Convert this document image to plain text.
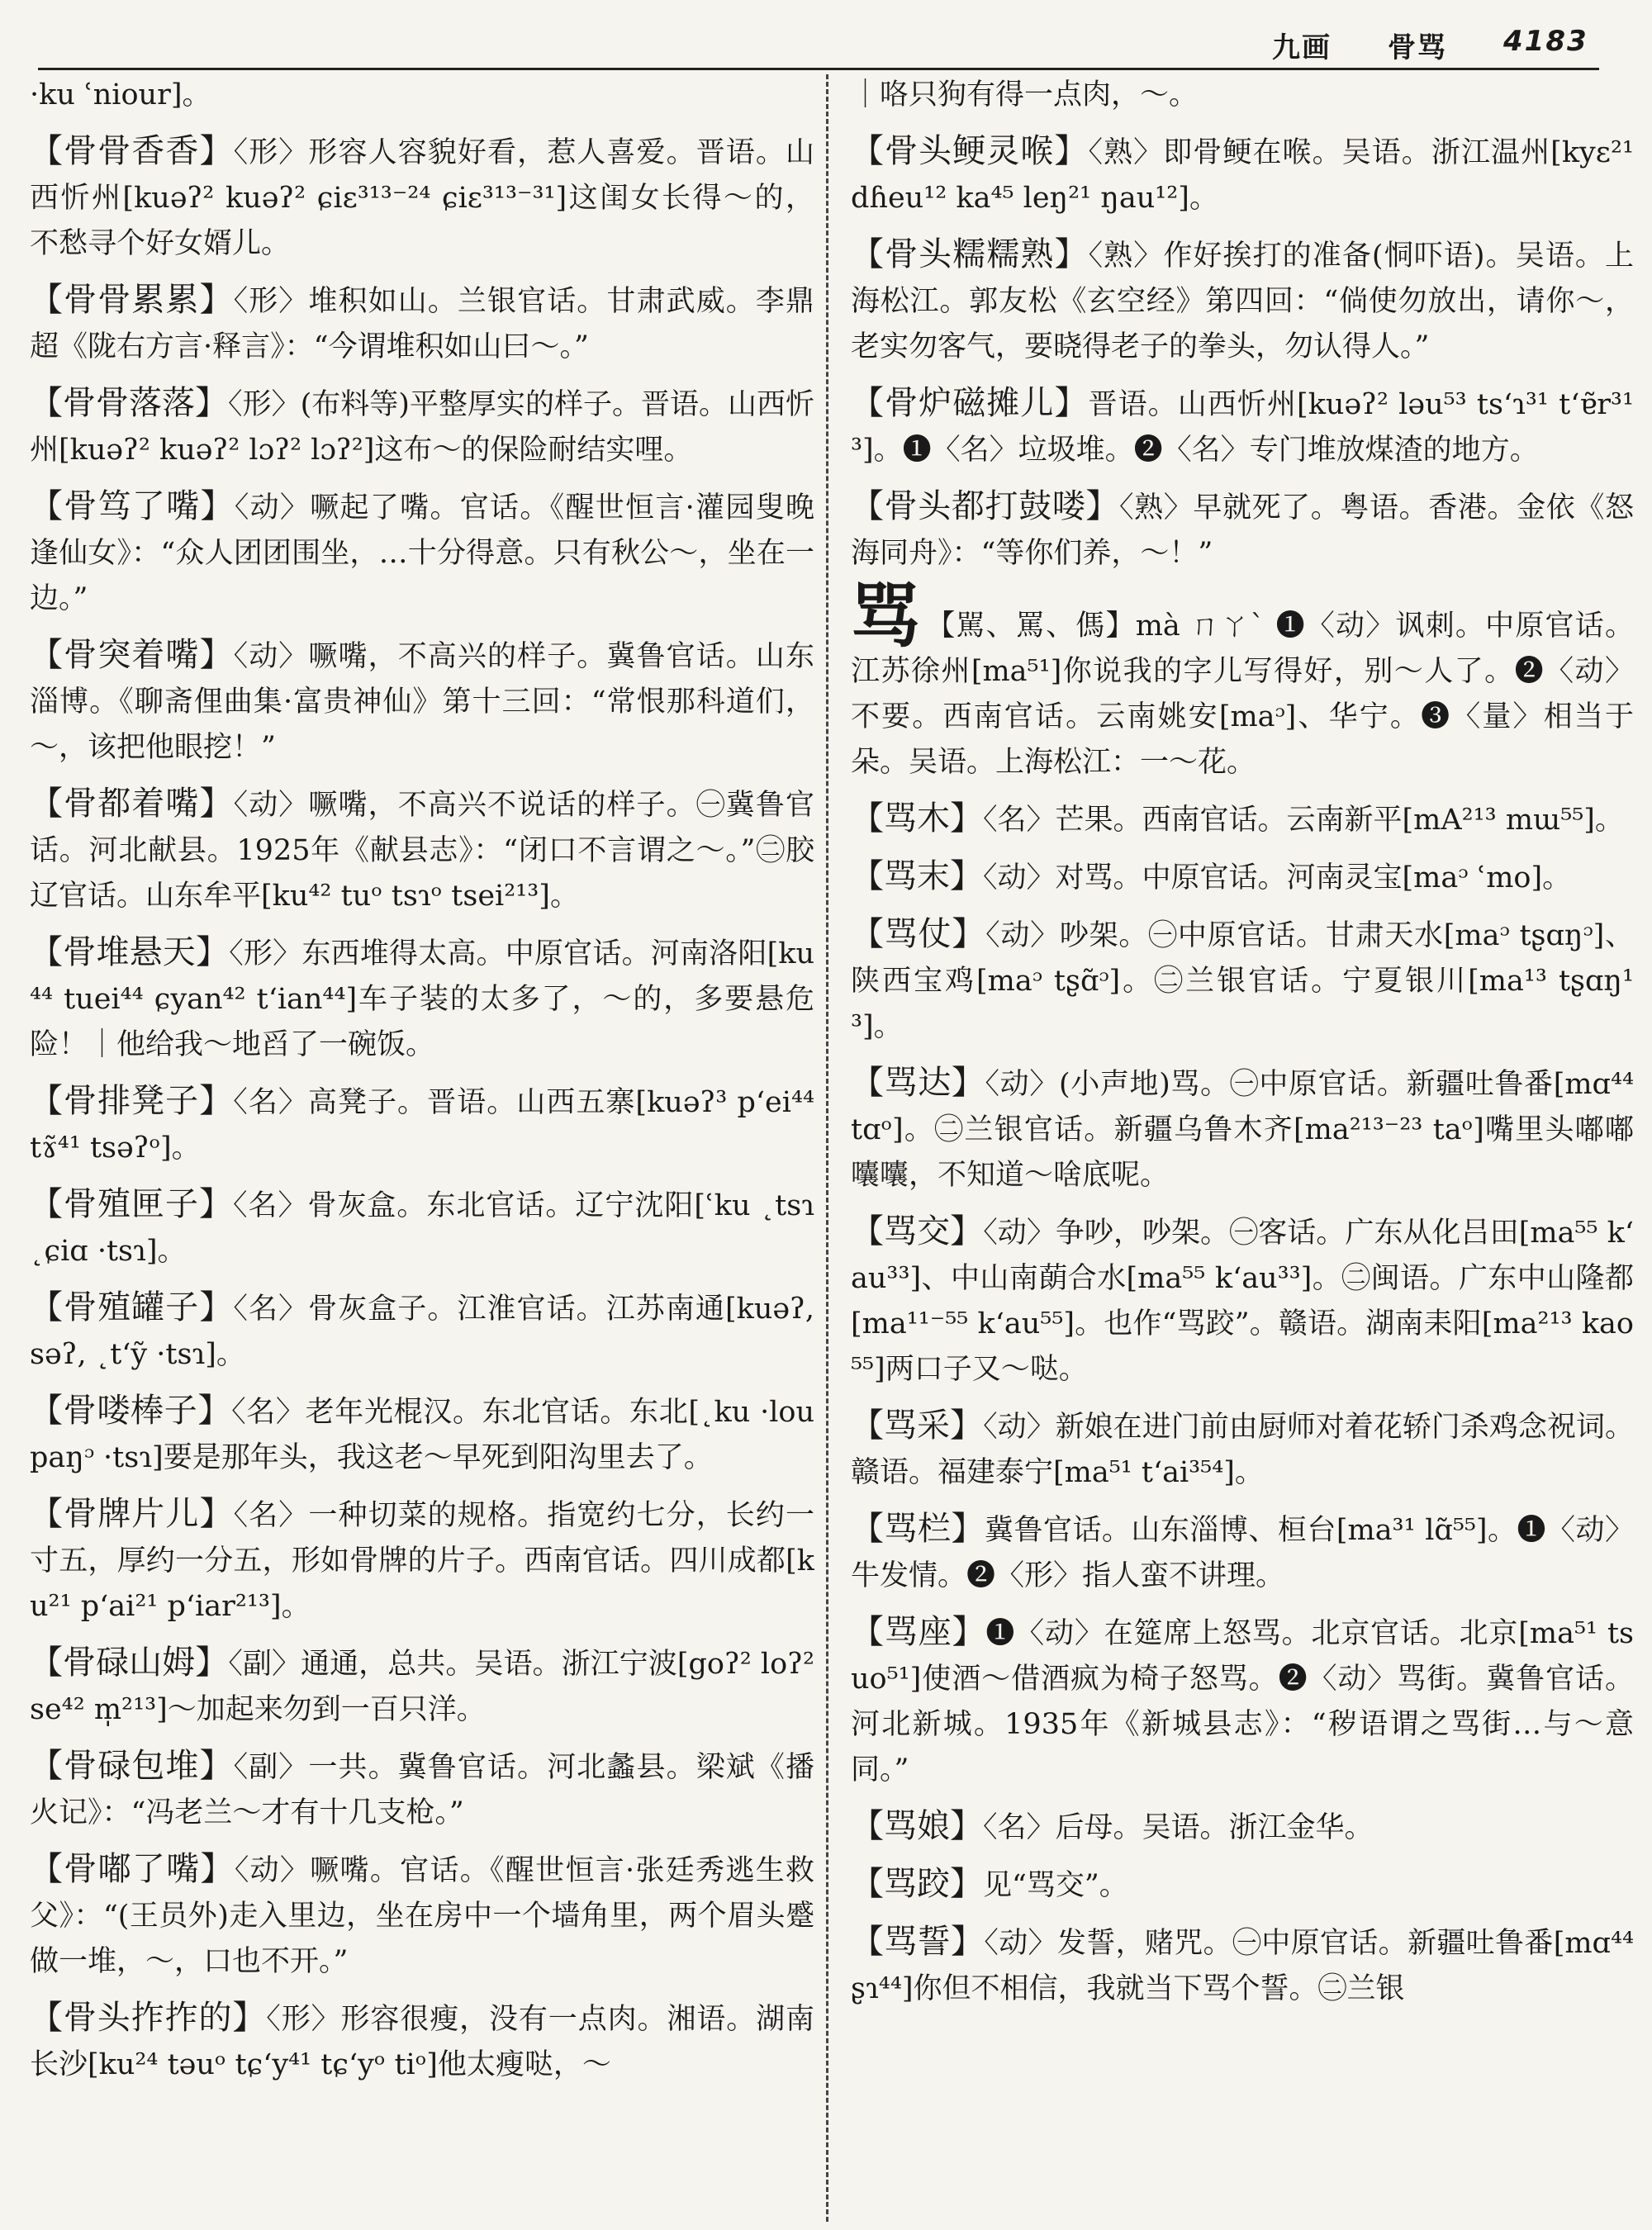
九画 骨骂 4183
·ku ʿniour]。
【骨骨香香】〈形〉形容人容貌好看，惹人喜爱。晋语。山西忻州[kuəʔ² kuəʔ² ɕiɛ³¹³⁻²⁴ ɕiɛ³¹³⁻³¹]这闺女长得～的，不愁寻个好女婿儿。
【骨骨累累】〈形〉堆积如山。兰银官话。甘肃武威。李鼎超《陇右方言·释言》：“今谓堆积如山曰～。”
【骨骨落落】〈形〉(布料等)平整厚实的样子。晋语。山西忻州[kuəʔ² kuəʔ² lɔʔ² lɔʔ²]这布～的保险耐结实哩。
【骨笃了嘴】〈动〉噘起了嘴。官话。《醒世恒言·灌园叟晚逢仙女》：“众人团团围坐，…十分得意。只有秋公～，坐在一边。”
【骨突着嘴】〈动〉噘嘴，不高兴的样子。冀鲁官话。山东淄博。《聊斋俚曲集·富贵神仙》第十三回：“常恨那科道们，～，该把他眼挖！”
【骨都着嘴】〈动〉噘嘴，不高兴不说话的样子。㊀冀鲁官话。河北献县。1925年《献县志》：“闭口不言谓之～。”㊁胶辽官话。山东牟平[ku⁴² tuᵒ tsɿᵒ tsei²¹³]。
【骨堆悬天】〈形〉东西堆得太高。中原官话。河南洛阳[ku⁴⁴ tuei⁴⁴ ɕyan⁴² tʻian⁴⁴]车子装的太多了，～的，多要悬危险！｜他给我～地舀了一碗饭。
【骨排凳子】〈名〉高凳子。晋语。山西五寨[kuəʔ³ pʻei⁴⁴ tɤ̃⁴¹ tsəʔᵒ]。
【骨殖匣子】〈名〉骨灰盒。东北官话。辽宁沈阳[ʿku ˛tsɿ ˛ɕiɑ ·tsɿ]。
【骨殖罐子】〈名〉骨灰盒子。江淮官话。江苏南通[kuəʔ, səʔ, ˛tʻỹ ·tsɿ]。
【骨喽棒子】〈名〉老年光棍汉。东北官话。东北[˛ku ·lou paŋᵓ ·tsɿ]要是那年头，我这老～早死到阳沟里去了。
【骨牌片儿】〈名〉一种切菜的规格。指宽约七分，长约一寸五，厚约一分五，形如骨牌的片子。西南官话。四川成都[ku²¹ pʻai²¹ pʻiar²¹³]。
【骨碌山姆】〈副〉通通，总共。吴语。浙江宁波[goʔ² loʔ² se⁴² m̩²¹³]～加起来勿到一百只洋。
【骨碌包堆】〈副〉一共。冀鲁官话。河北蠡县。梁斌《播火记》：“冯老兰～才有十几支枪。”
【骨嘟了嘴】〈动〉噘嘴。官话。《醒世恒言·张廷秀逃生救父》：“(王员外)走入里边，坐在房中一个墙角里，两个眉头蹙做一堆，～，口也不开。”
【骨头拃拃的】〈形〉形容很瘦，没有一点肉。湘语。湖南长沙[ku²⁴ təuᵒ tɕʻy⁴¹ tɕʻyᵒ tiᵒ]他太瘦哒，～
｜咯只狗有得一点肉，～。
【骨头鲠灵喉】〈熟〉即骨鲠在喉。吴语。浙江温州[kyɛ²¹ dɦeu¹² ka⁴⁵ leŋ²¹ ŋau¹²]。
【骨头糯糯熟】〈熟〉作好挨打的准备(恫吓语)。吴语。上海松江。郭友松《玄空经》第四回：“倘使勿放出，请你～，老实勿客气，要晓得老子的拳头，勿认得人。”
【骨炉磁摊儿】晋语。山西忻州[kuəʔ² ləu⁵³ tsʻɿ³¹ tʻɐ̃r³¹³]。❶〈名〉垃圾堆。❷〈名〉专门堆放煤渣的地方。
【骨头都打鼓喽】〈熟〉早就死了。粤语。香港。金依《怒海同舟》：“等你们养，～！”
骂 【駡、罵、傌】mà ㄇㄚˋ ❶〈动〉讽刺。中原官话。江苏徐州[ma⁵¹]你说我的字儿写得好，别～人了。❷〈动〉不要。西南官话。云南姚安[maᵓ]、华宁。❸〈量〉相当于朵。吴语。上海松江：一～花。
【骂木】〈名〉芒果。西南官话。云南新平[mA²¹³ mɯ⁵⁵]。
【骂末】〈动〉对骂。中原官话。河南灵宝[maᵓ ʿmo]。
【骂仗】〈动〉吵架。㊀中原官话。甘肃天水[maᵓ tʂɑŋᵓ]、陕西宝鸡[maᵓ tʂɑ̃ᵓ]。㊁兰银官话。宁夏银川[ma¹³ tʂɑŋ¹³]。
【骂达】〈动〉(小声地)骂。㊀中原官话。新疆吐鲁番[mɑ⁴⁴ tɑᵒ]。㊁兰银官话。新疆乌鲁木齐[ma²¹³⁻²³ taᵒ]嘴里头嘟嘟囔囔，不知道～啥底呢。
【骂交】〈动〉争吵，吵架。㊀客话。广东从化吕田[ma⁵⁵ kʻau³³]、中山南蓢合水[ma⁵⁵ kʻau³³]。㊁闽语。广东中山隆都[ma¹¹⁻⁵⁵ kʻau⁵⁵]。也作“骂跤”。赣语。湖南耒阳[ma²¹³ kao⁵⁵]两口子又～哒。
【骂采】〈动〉新娘在进门前由厨师对着花轿门杀鸡念祝词。赣语。福建泰宁[ma⁵¹ tʻai³⁵⁴]。
【骂栏】冀鲁官话。山东淄博、桓台[ma³¹ lɑ̃⁵⁵]。❶〈动〉牛发情。❷〈形〉指人蛮不讲理。
【骂座】❶〈动〉在筵席上怒骂。北京官话。北京[ma⁵¹ tsuo⁵¹]使酒～借酒疯为椅子怒骂。❷〈动〉骂街。冀鲁官话。河北新城。1935年《新城县志》：“秽语谓之骂街…与～意同。”
【骂娘】〈名〉后母。吴语。浙江金华。
【骂跤】见“骂交”。
【骂誓】〈动〉发誓，赌咒。㊀中原官话。新疆吐鲁番[mɑ⁴⁴ ʂɿ⁴⁴]你但不相信，我就当下骂个誓。㊁兰银
